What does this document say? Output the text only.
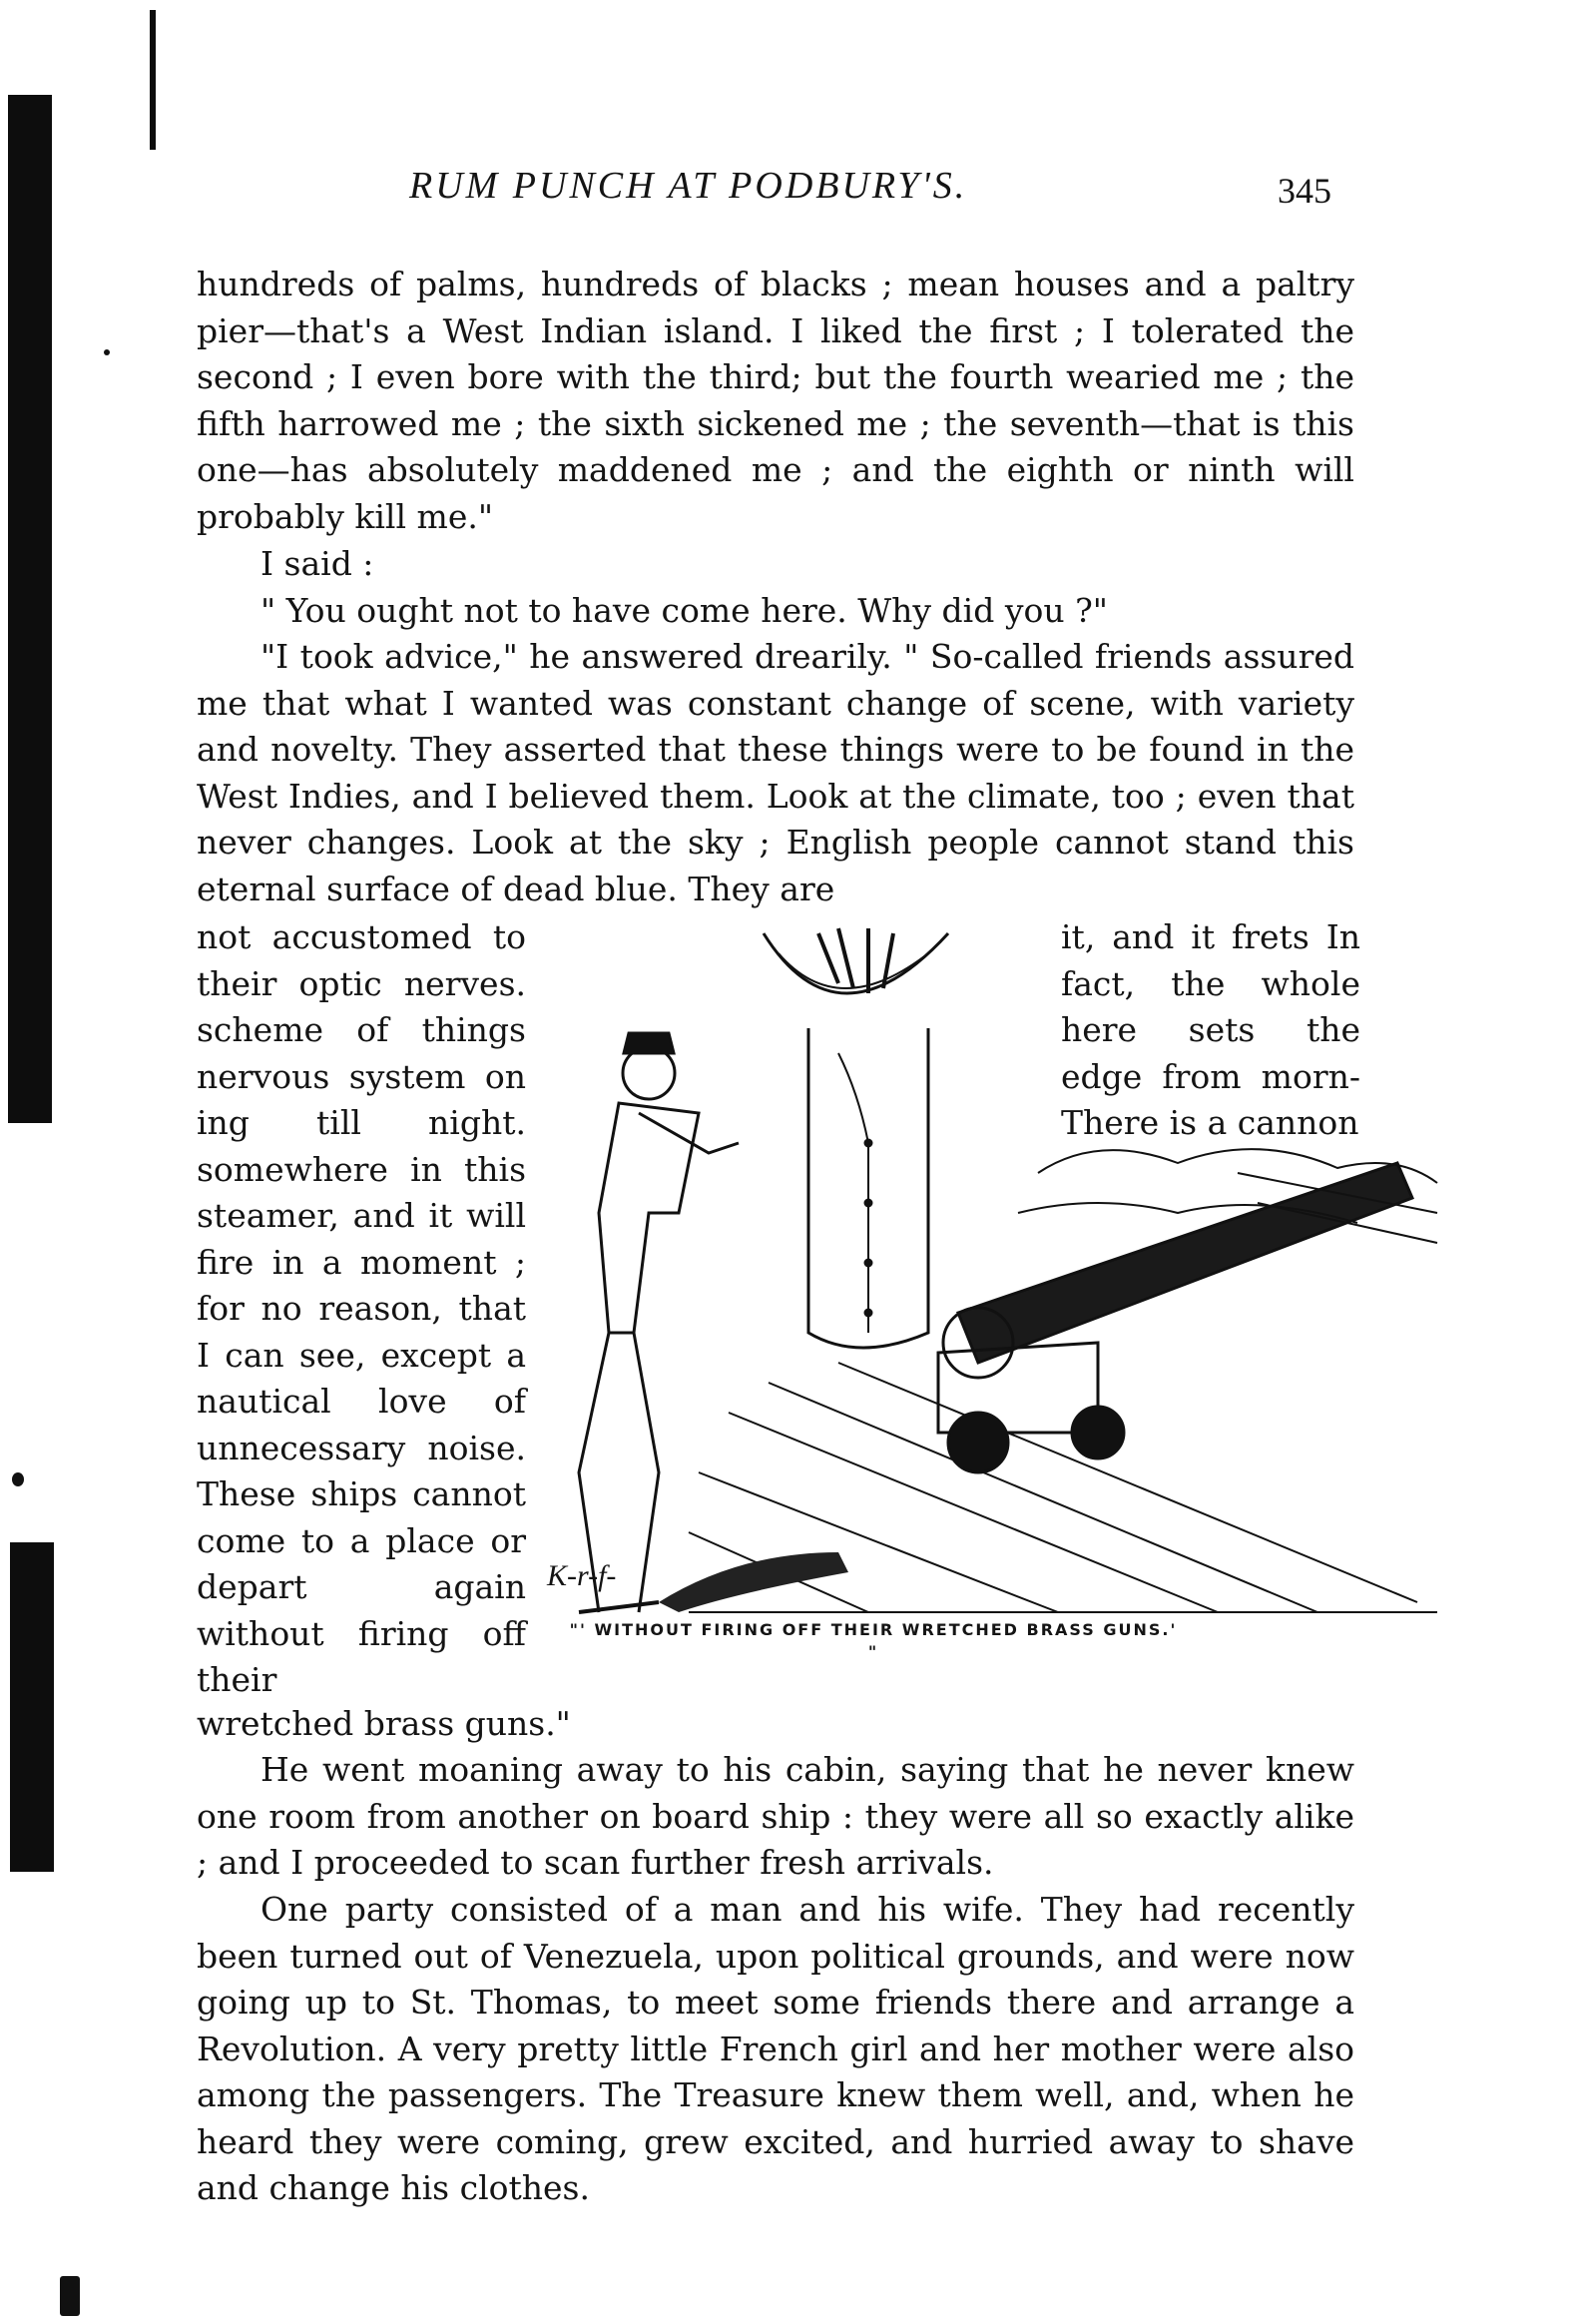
RUM PUNCH AT PODBURY'S.	345

hundreds of palms, hundreds of blacks ; mean houses and a paltry pier—that's a West Indian island. I liked the first ; I tolerated the second ; I even bore with the third; but the fourth wearied me ; the fifth harrowed me ; the sixth sickened me ; the seventh—that is this one—has absolutely maddened me ; and the eighth or ninth will probably kill me."

I said :

" You ought not to have come here. Why did you ?"

"I took advice," he answered drearily. " So-called friends assured me that what I wanted was constant change of scene, with variety and novelty. They asserted that these things were to be found in the West Indies, and I believed them. Look at the climate, too ; even that never changes. Look at the sky ; English people cannot stand this eternal surface of dead blue. They are

not accustomed to their optic nerves. scheme of things nervous system on ing till night. somewhere in this steamer, and it will fire in a moment ; for no reason, that I can see, except a nautical love of unnecessary noise. These ships cannot come to a place or depart again without firing off their
it, and it frets In fact, the whole here sets the edge from morn- There is a cannon
K-r-f-
"' WITHOUT FIRING OFF THEIR WRETCHED BRASS GUNS.' "

wretched brass guns."

He went moaning away to his cabin, saying that he never knew one room from another on board ship : they were all so exactly alike ; and I proceeded to scan further fresh arrivals.

One party consisted of a man and his wife. They had recently been turned out of Venezuela, upon political grounds, and were now going up to St. Thomas, to meet some friends there and arrange a Revolution. A very pretty little French girl and her mother were also among the passengers. The Treasure knew them well, and, when he heard they were coming, grew excited, and hurried away to shave and change his clothes.
